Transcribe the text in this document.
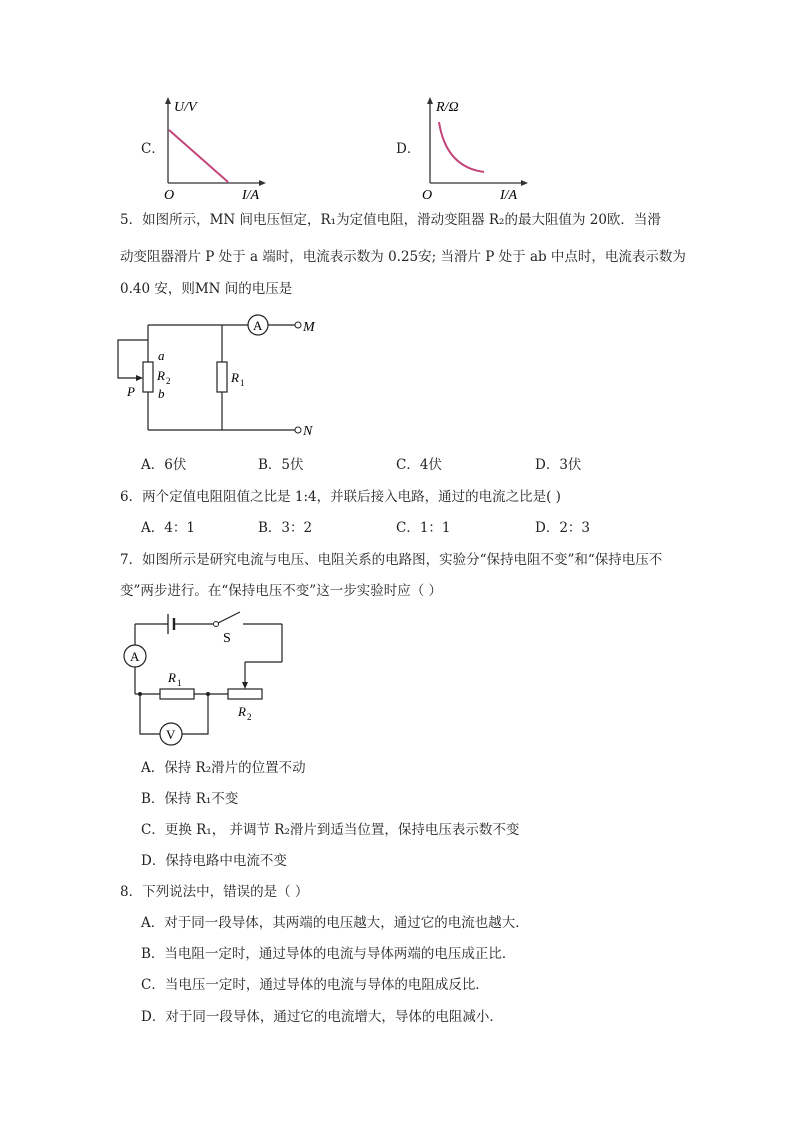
C．
U/V
O	I/A
D．
R/Ω
O	I/A
5．如图所示，MN 间电压恒定，R₁为定值电阻，滑动变阻器 R₂的最大阻值为 20欧．当滑
动变阻器滑片 P 处于 a 端时，电流表示数为 0.25安; 当滑片 P 处于 ab 中点时，电流表示数为
0.40 安，则MN 间的电压是
A	M
N
a
R 2
b
P
R 1
A．6伏	B．5伏	C．4伏	D．3伏
6．两个定值电阻阻值之比是 1:4，并联后接入电路，通过的电流之比是( )
A．4：1	B．3：2	C．1：1	D．2：3
7．如图所示是研究电流与电压、电阻关系的电路图，实验分“保持电阻不变”和“保持电压不
变”两步进行。在“保持电压不变”这一步实验时应（ ）
S
A
R 1
R 2
V
A．保持 R₂滑片的位置不动
B．保持 R₁不变
C．更换 R₁， 并调节 R₂滑片到适当位置，保持电压表示数不变
D．保持电路中电流不变
8．下列说法中，错误的是（ ）
A．对于同一段导体，其两端的电压越大，通过它的电流也越大．
B．当电阻一定时，通过导体的电流与导体两端的电压成正比．
C．当电压一定时，通过导体的电流与导体的电阻成反比．
D．对于同一段导体，通过它的电流增大，导体的电阻减小．
